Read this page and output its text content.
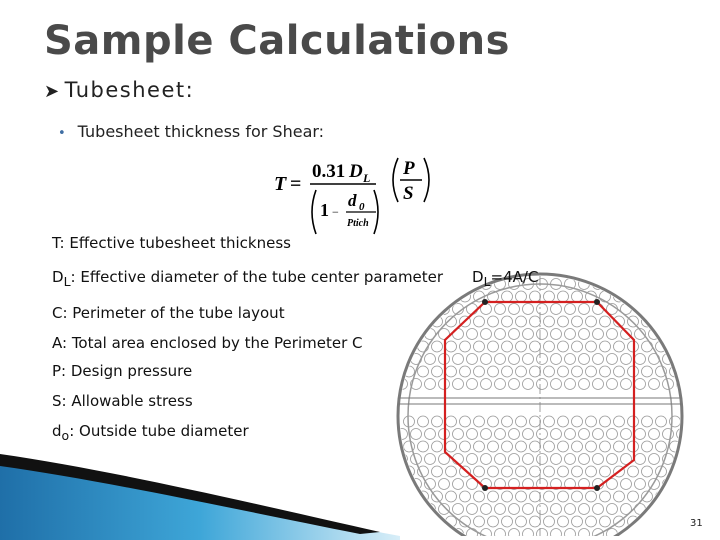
Sample Calculations
➤ Tubesheet:
• Tubesheet thickness for Shear:
T =
0.31 D L
1 −
d 0
Ptich
P
S
T: Effective tubesheet thickness
$D_L$: Effective diameter of the tube center parameter
C: Perimeter of the tube layout
A: Total area enclosed by the Perimeter C
P: Design pressure
S: Allowable stress
$d_o$: Outside tube diameter
$D_L=4A/C$
31
